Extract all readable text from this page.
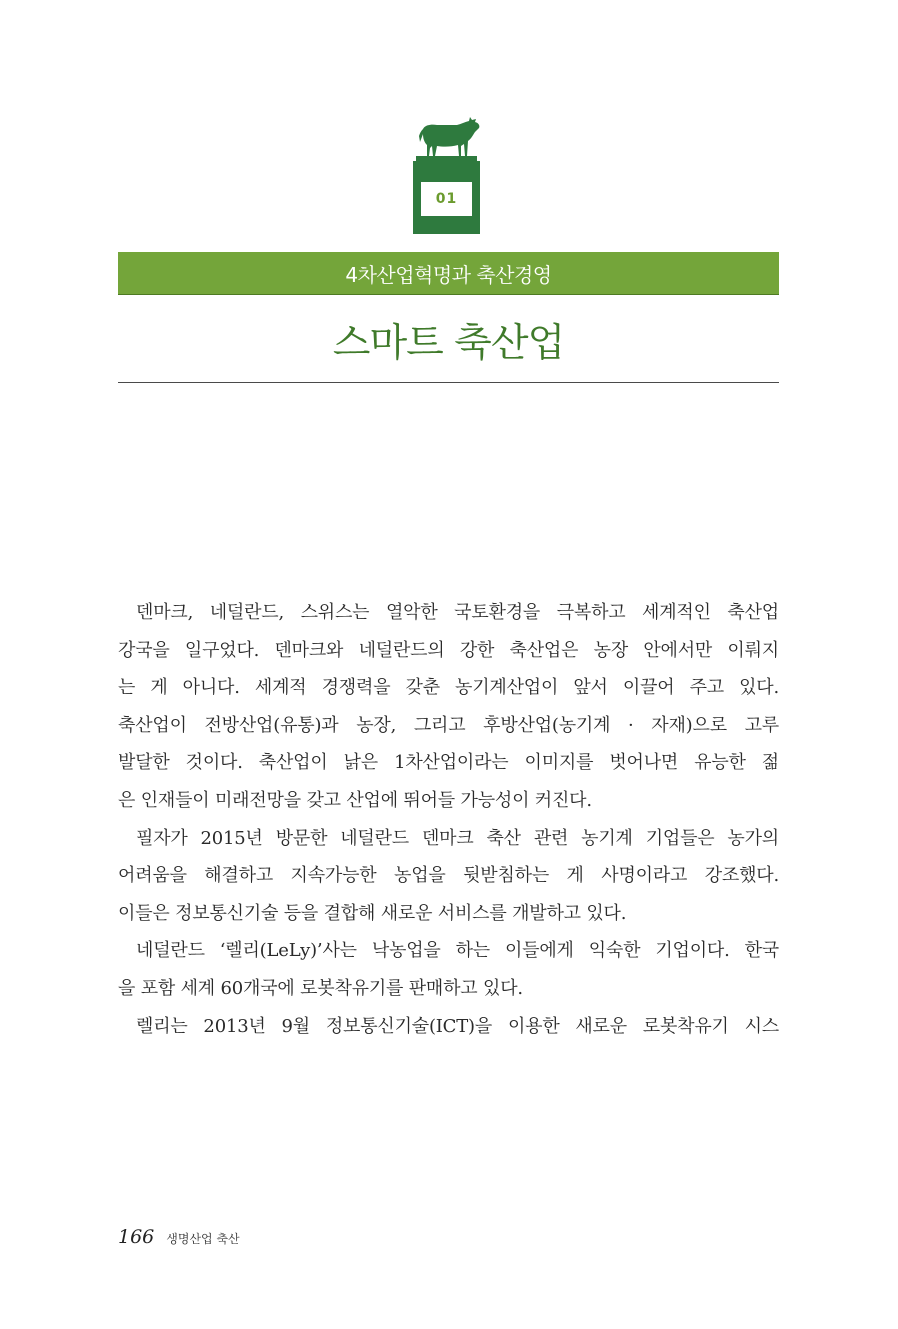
01
4차산업혁명과 축산경영
스마트 축산업
덴마크, 네덜란드, 스위스는 열악한 국토환경을 극복하고 세계적인 축산업
강국을 일구었다. 덴마크와 네덜란드의 강한 축산업은 농장 안에서만 이뤄지
는 게 아니다. 세계적 경쟁력을 갖춘 농기계산업이 앞서 이끌어 주고 있다.
축산업이 전방산업(유통)과 농장, 그리고 후방산업(농기계 · 자재)으로 고루
발달한 것이다. 축산업이 낡은 1차산업이라는 이미지를 벗어나면 유능한 젊
은 인재들이 미래전망을 갖고 산업에 뛰어들 가능성이 커진다.
필자가 2015년 방문한 네덜란드 덴마크 축산 관련 농기계 기업들은 농가의
어려움을 해결하고 지속가능한 농업을 뒷받침하는 게 사명이라고 강조했다.
이들은 정보통신기술 등을 결합해 새로운 서비스를 개발하고 있다.
네덜란드 ‘렐리(LeLy)’사는 낙농업을 하는 이들에게 익숙한 기업이다. 한국
을 포함 세계 60개국에 로봇착유기를 판매하고 있다.
렐리는 2013년 9월 정보통신기술(ICT)을 이용한 새로운 로봇착유기 시스
166 생명산업 축산
